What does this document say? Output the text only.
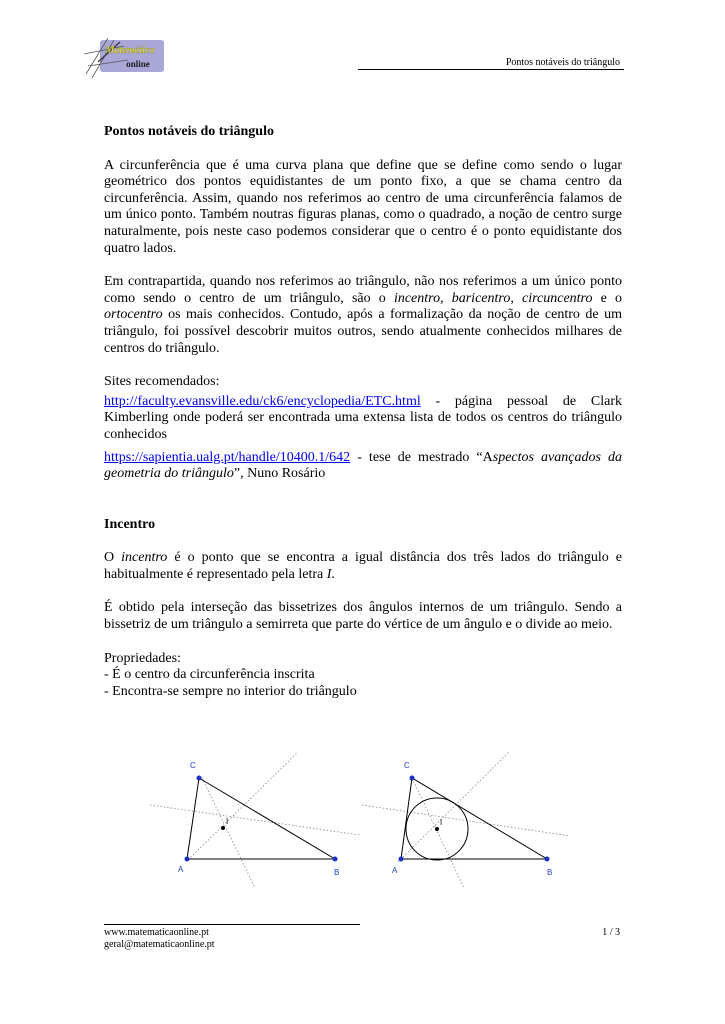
Matemática
online	Pontos notáveis do triângulo

Pontos notáveis do triângulo

A circunferência que é uma curva plana que define que se define como sendo o lugar geométrico dos pontos equidistantes de um ponto fixo, a que se chama centro da circunferência. Assim, quando nos referimos ao centro de uma circunferência falamos de um único ponto. Também noutras figuras planas, como o quadrado, a noção de centro surge naturalmente, pois neste caso podemos considerar que o centro é o ponto equidistante dos quatro lados.

Em contrapartida, quando nos referimos ao triângulo, não nos referimos a um único ponto como sendo o centro de um triângulo, são o incentro, baricentro, circuncentro e o ortocentro os mais conhecidos. Contudo, após a formalização da noção de centro de um triângulo, foi possível descobrir muitos outros, sendo atualmente conhecidos milhares de centros do triângulo.

Sites recomendados:

http://faculty.evansville.edu/ck6/encyclopedia/ETC.html - página pessoal de Clark Kimberling onde poderá ser encontrada uma extensa lista de todos os centros do triângulo conhecidos

https://sapientia.ualg.pt/handle/10400.1/642 - tese de mestrado “Aspectos avançados da geometria do triângulo”, Nuno Rosário

Incentro

O incentro é o ponto que se encontra a igual distância dos três lados do triângulo e habitualmente é representado pela letra I.

É obtido pela interseção das bissetrizes dos ângulos internos de um triângulo. Sendo a bissetriz de um triângulo a semirreta que parte do vértice de um ângulo e o divide ao meio.

Propriedades:

- É o centro da circunferência inscrita

- Encontra-se sempre no interior do triângulo

A	B
C
I
A	B
C
I
www.matematicaonline.pt
geral@matematicaonline.pt
1 / 3
